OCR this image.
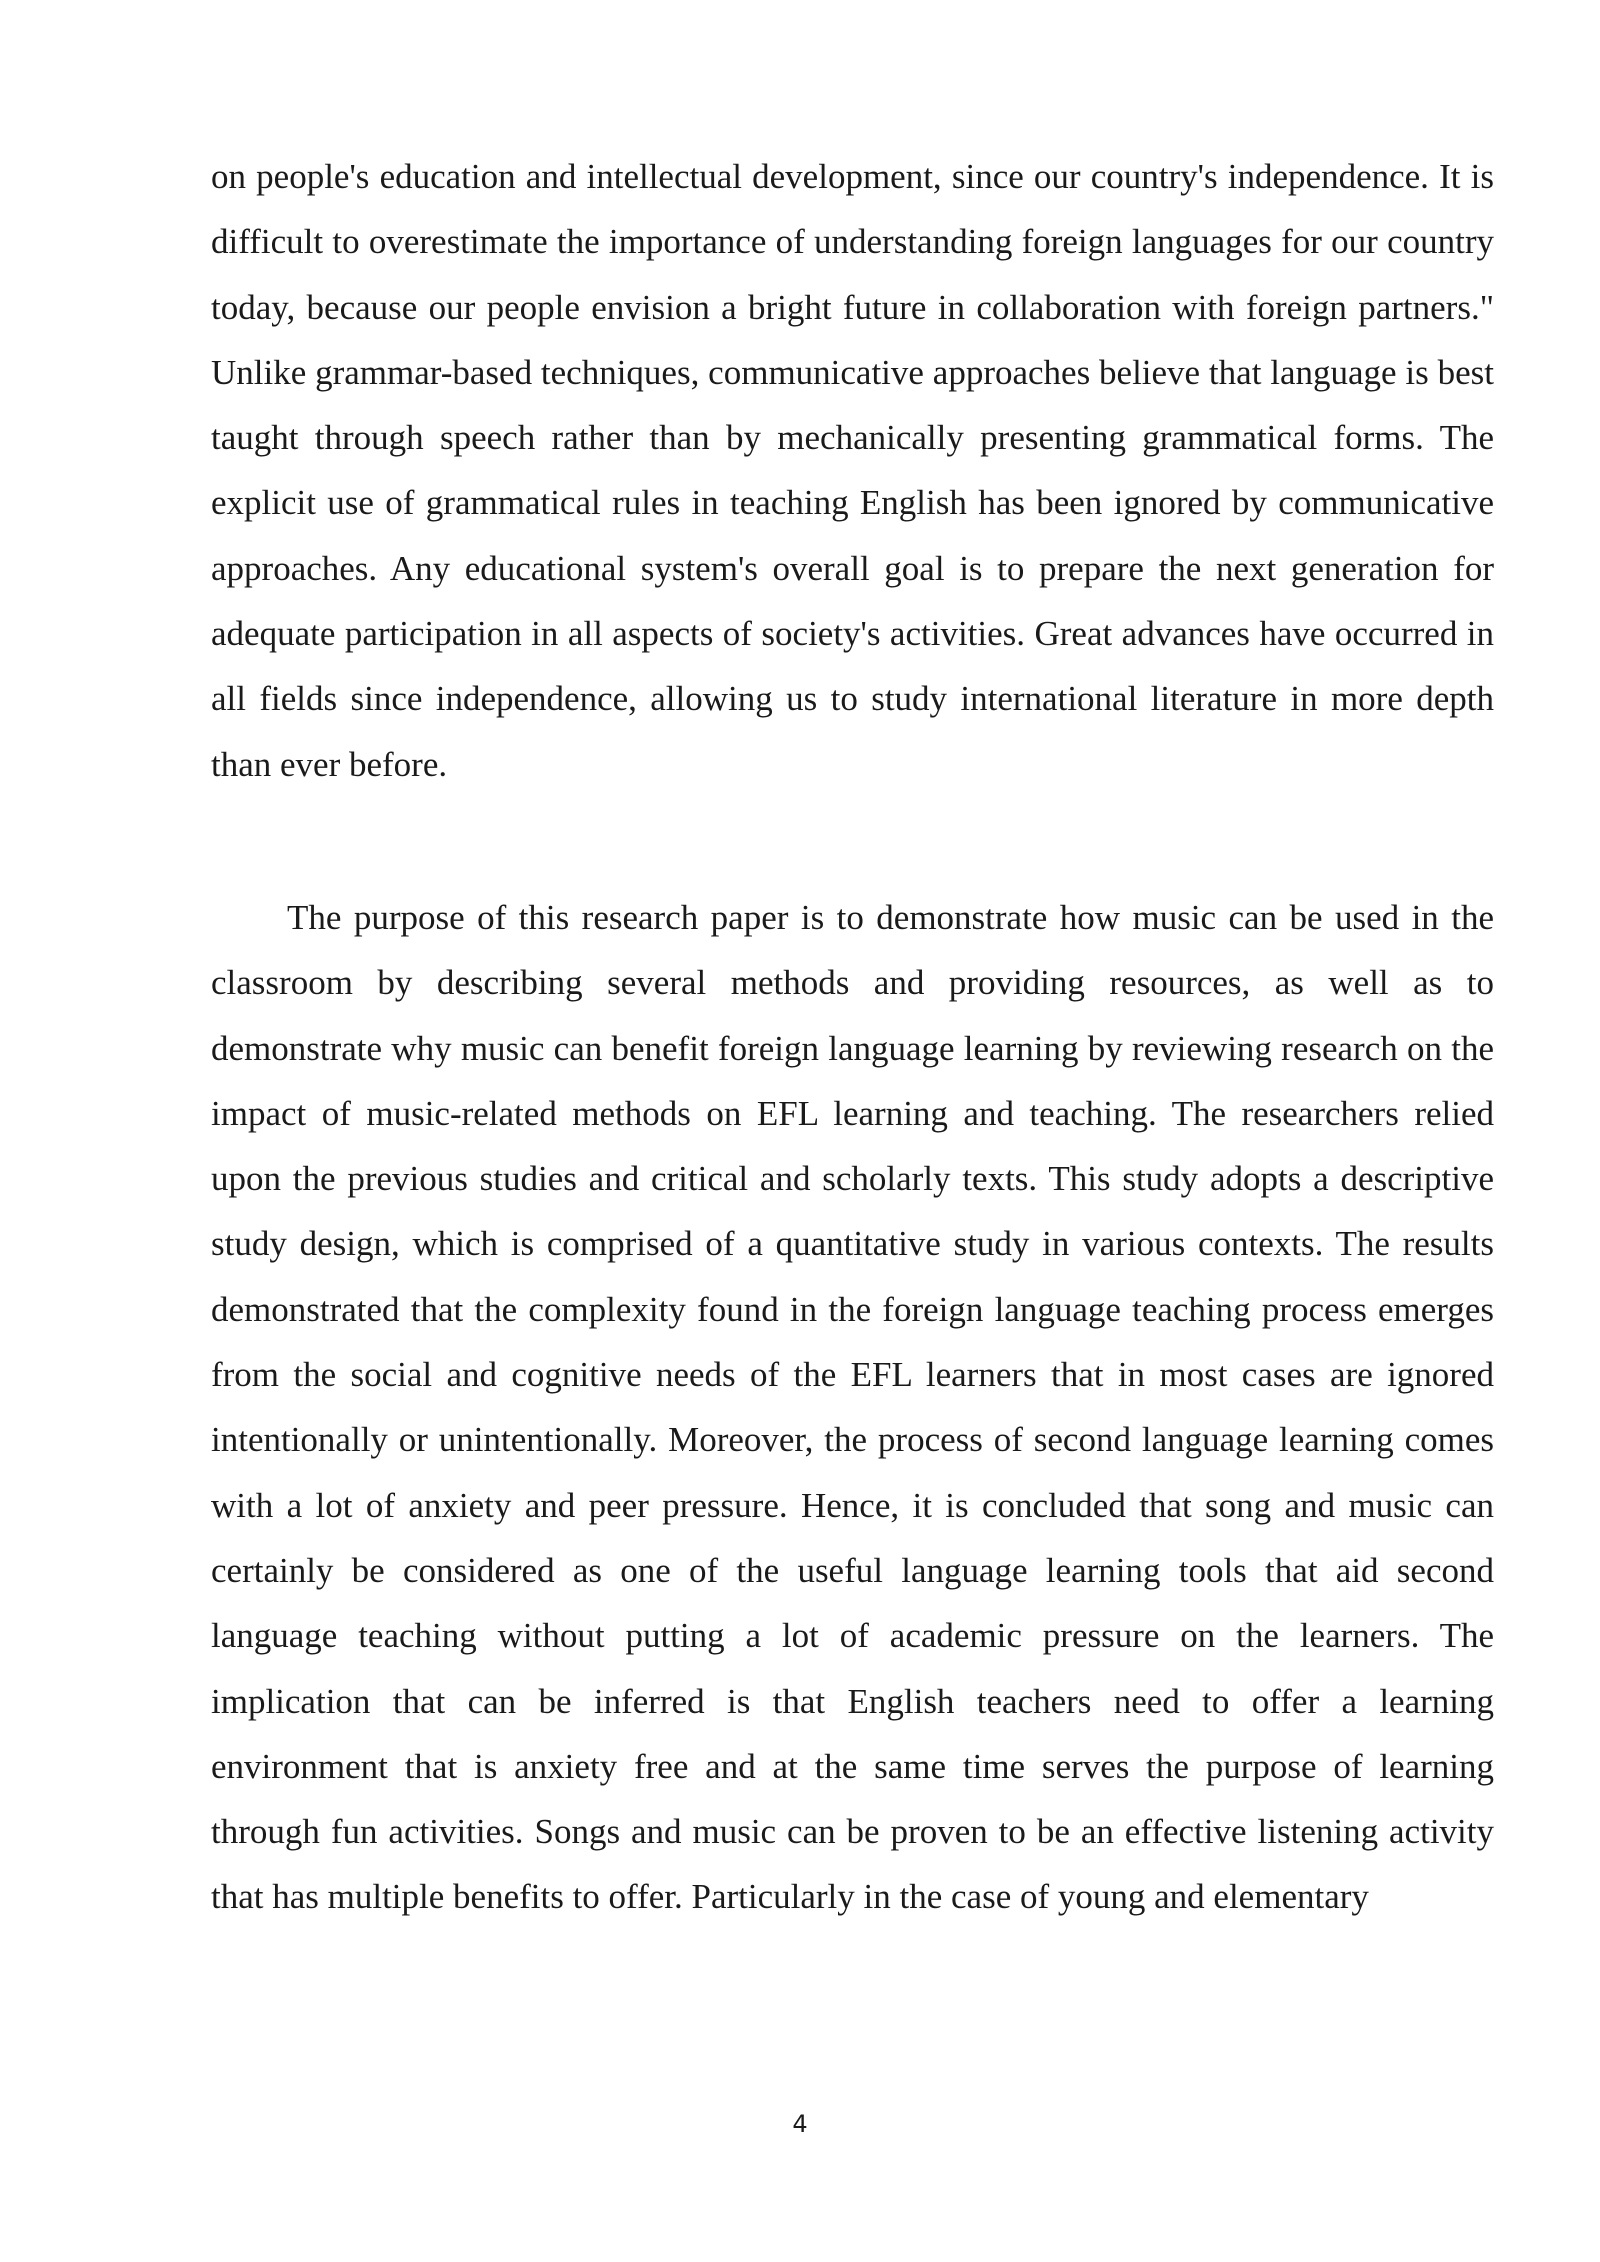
on people's education and intellectual development, since our country's independence. It is difficult to overestimate the importance of understanding foreign languages for our country today, because our people envision a bright future in collaboration with foreign partners." Unlike grammar-based techniques, communicative approaches believe that language is best taught through speech rather than by mechanically presenting grammatical forms. The explicit use of grammatical rules in teaching English has been ignored by communicative approaches. Any educational system's overall goal is to prepare the next generation for adequate participation in all aspects of society's activities. Great advances have occurred in all fields since independence, allowing us to study international literature in more depth than ever before.

The purpose of this research paper is to demonstrate how music can be used in the classroom by describing several methods and providing resources, as well as to demonstrate why music can benefit foreign language learning by reviewing research on the impact of music-related methods on EFL learning and teaching. The researchers relied upon the previous studies and critical and scholarly texts. This study adopts a descriptive study design, which is comprised of a quantitative study in various contexts. The results demonstrated that the complexity found in the foreign language teaching process emerges from the social and cognitive needs of the EFL learners that in most cases are ignored intentionally or unintentionally. Moreover, the process of second language learning comes with a lot of anxiety and peer pressure. Hence, it is concluded that song and music can certainly be considered as one of the useful language learning tools that aid second language teaching without putting a lot of academic pressure on the learners. The implication that can be inferred is that English teachers need to offer a learning environment that is anxiety free and at the same time serves the purpose of learning through fun activities. Songs and music can be proven to be an effective listening activity that has multiple benefits to offer. Particularly in the case of young and elementary

4
